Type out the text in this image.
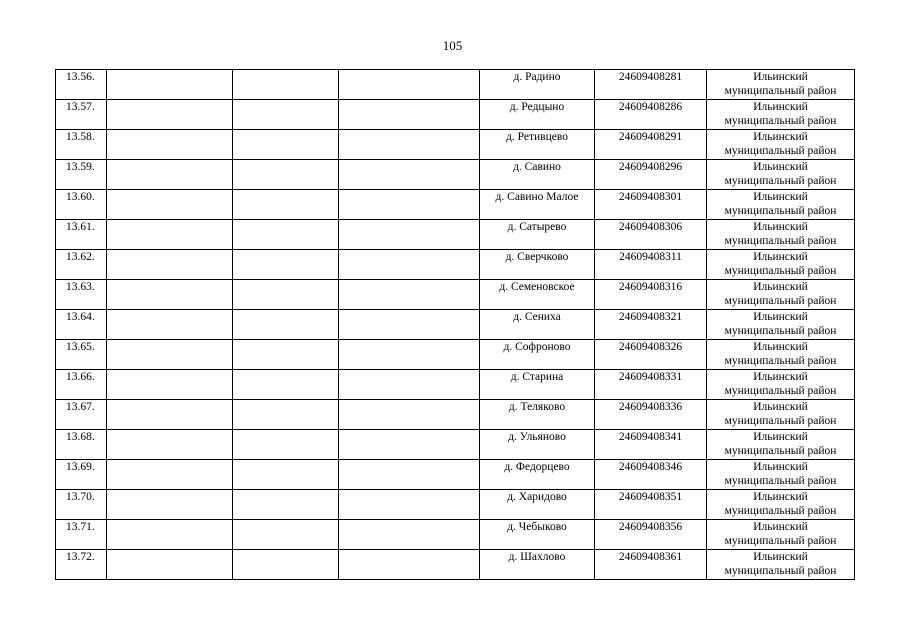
105
13.56.				д. Радино	24609408281	Ильинский
муниципальный район

13.57.				д. Редцыно	24609408286	Ильинский
муниципальный район

13.58.				д. Ретивцево	24609408291	Ильинский
муниципальный район

13.59.				д. Савино	24609408296	Ильинский
муниципальный район

13.60.				д. Савино Малое	24609408301	Ильинский
муниципальный район

13.61.				д. Сатырево	24609408306	Ильинский
муниципальный район

13.62.				д. Сверчково	24609408311	Ильинский
муниципальный район

13.63.				д. Семеновское	24609408316	Ильинский
муниципальный район

13.64.				д. Сениха	24609408321	Ильинский
муниципальный район

13.65.				д. Софроново	24609408326	Ильинский
муниципальный район

13.66.				д. Старина	24609408331	Ильинский
муниципальный район

13.67.				д. Теляково	24609408336	Ильинский
муниципальный район

13.68.				д. Ульяново	24609408341	Ильинский
муниципальный район

13.69.				д. Федорцево	24609408346	Ильинский
муниципальный район

13.70.				д. Харидово	24609408351	Ильинский
муниципальный район

13.71.				д. Чебыково	24609408356	Ильинский
муниципальный район

13.72.				д. Шахлово	24609408361	Ильинский
муниципальный район
